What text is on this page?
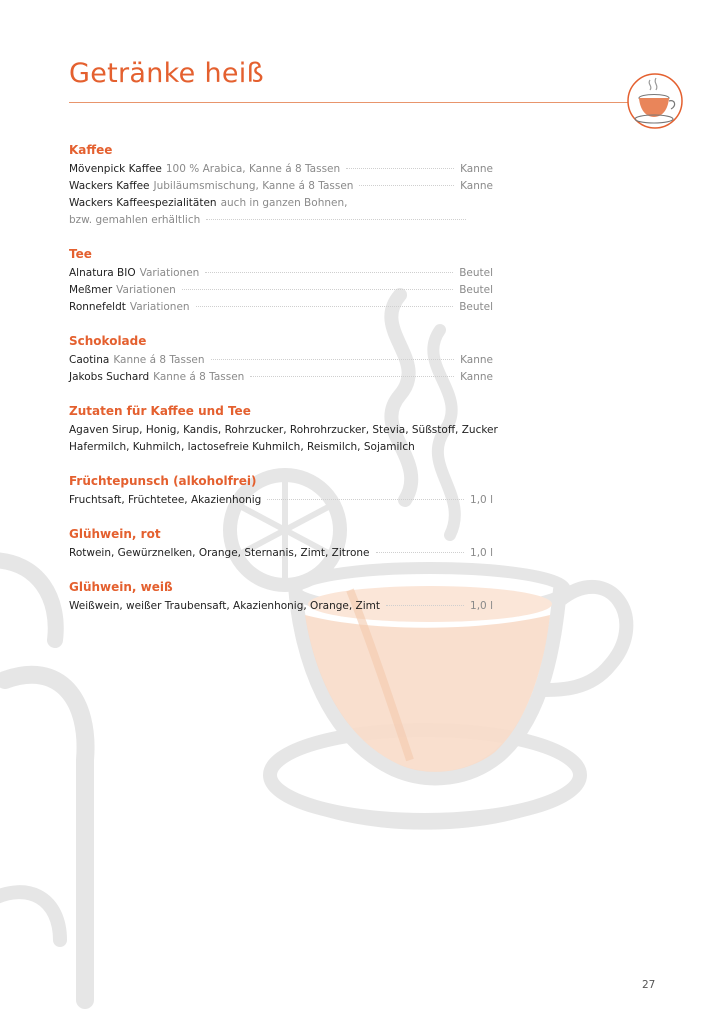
Getränke heiß
Kaffee
Mövenpick Kaffee 100 % Arabica, Kanne á 8 Tassen	Kanne
Wackers Kaffee Jubiläumsmischung, Kanne á 8 Tassen	Kanne
Wackers Kaffeespezialitäten auch in ganzen Bohnen,
bzw. gemahlen erhältlich
Tee
Alnatura BIO Variationen	Beutel
Meßmer Variationen	Beutel
Ronnefeldt Variationen	Beutel
Schokolade
Caotina Kanne á 8 Tassen	Kanne
Jakobs Suchard Kanne á 8 Tassen	Kanne
Zutaten für Kaffee und Tee
Agaven Sirup, Honig, Kandis, Rohrzucker, Rohrohrzucker, Stevia, Süßstoff, Zucker
Hafermilch, Kuhmilch, lactosefreie Kuhmilch, Reismilch, Sojamilch
Früchtepunsch (alkoholfrei)
Fruchtsaft, Früchtetee, Akazienhonig	1,0 l
Glühwein, rot
Rotwein, Gewürznelken, Orange, Sternanis, Zimt, Zitrone	1,0 l
Glühwein, weiß
Weißwein, weißer Traubensaft, Akazienhonig, Orange, Zimt	1,0 l
27
